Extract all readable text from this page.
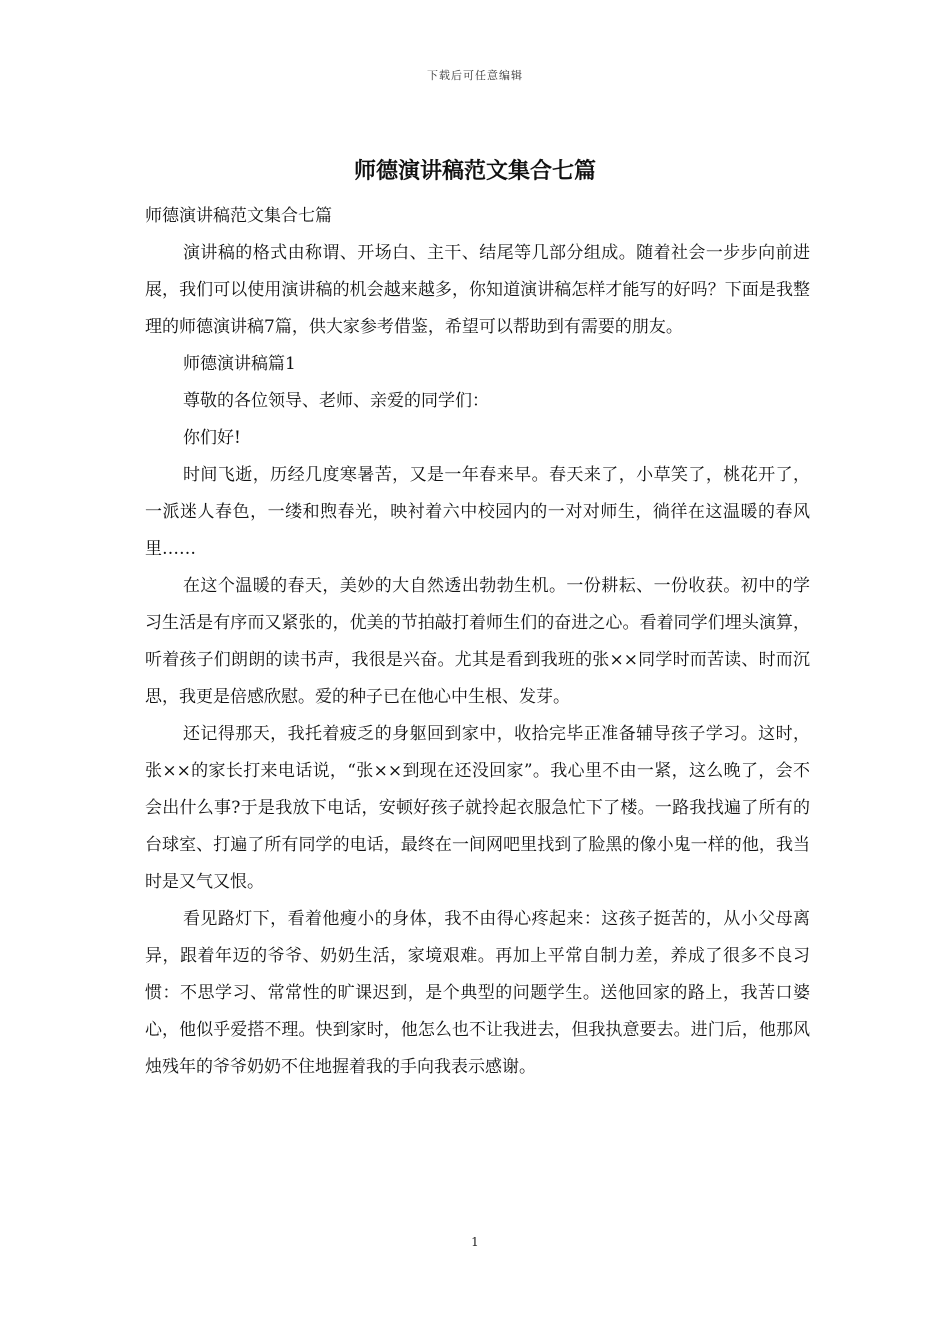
下载后可任意编辑
师德演讲稿范文集合七篇

师德演讲稿范文集合七篇

演讲稿的格式由称谓、开场白、主干、结尾等几部分组成。随着社会一步步向前进展，我们可以使用演讲稿的机会越来越多，你知道演讲稿怎样才能写的好吗？下面是我整理的师德演讲稿7篇，供大家参考借鉴，希望可以帮助到有需要的朋友。

师德演讲稿篇1

尊敬的各位领导、老师、亲爱的同学们：

你们好!

时间飞逝，历经几度寒暑苦，又是一年春来早。春天来了，小草笑了，桃花开了，一派迷人春色，一缕和煦春光，映衬着六中校园内的一对对师生，徜徉在这温暖的春风里……

在这个温暖的春天，美妙的大自然透出勃勃生机。一份耕耘、一份收获。初中的学习生活是有序而又紧张的，优美的节拍敲打着师生们的奋进之心。看着同学们埋头演算，听着孩子们朗朗的读书声，我很是兴奋。尤其是看到我班的张××同学时而苦读、时而沉思，我更是倍感欣慰。爱的种子已在他心中生根、发芽。

还记得那天，我托着疲乏的身躯回到家中，收拾完毕正准备辅导孩子学习。这时，张××的家长打来电话说，“张××到现在还没回家”。我心里不由一紧，这么晚了，会不会出什么事?于是我放下电话，安顿好孩子就拎起衣服急忙下了楼。一路我找遍了所有的台球室、打遍了所有同学的电话，最终在一间网吧里找到了脸黑的像小鬼一样的他，我当时是又气又恨。

看见路灯下，看着他瘦小的身体，我不由得心疼起来：这孩子挺苦的，从小父母离异，跟着年迈的爷爷、奶奶生活，家境艰难。再加上平常自制力差，养成了很多不良习惯：不思学习、常常性的旷课迟到，是个典型的问题学生。送他回家的路上，我苦口婆心，他似乎爱搭不理。快到家时，他怎么也不让我进去，但我执意要去。进门后，他那风烛残年的爷爷奶奶不住地握着我的手向我表示感谢。

1
